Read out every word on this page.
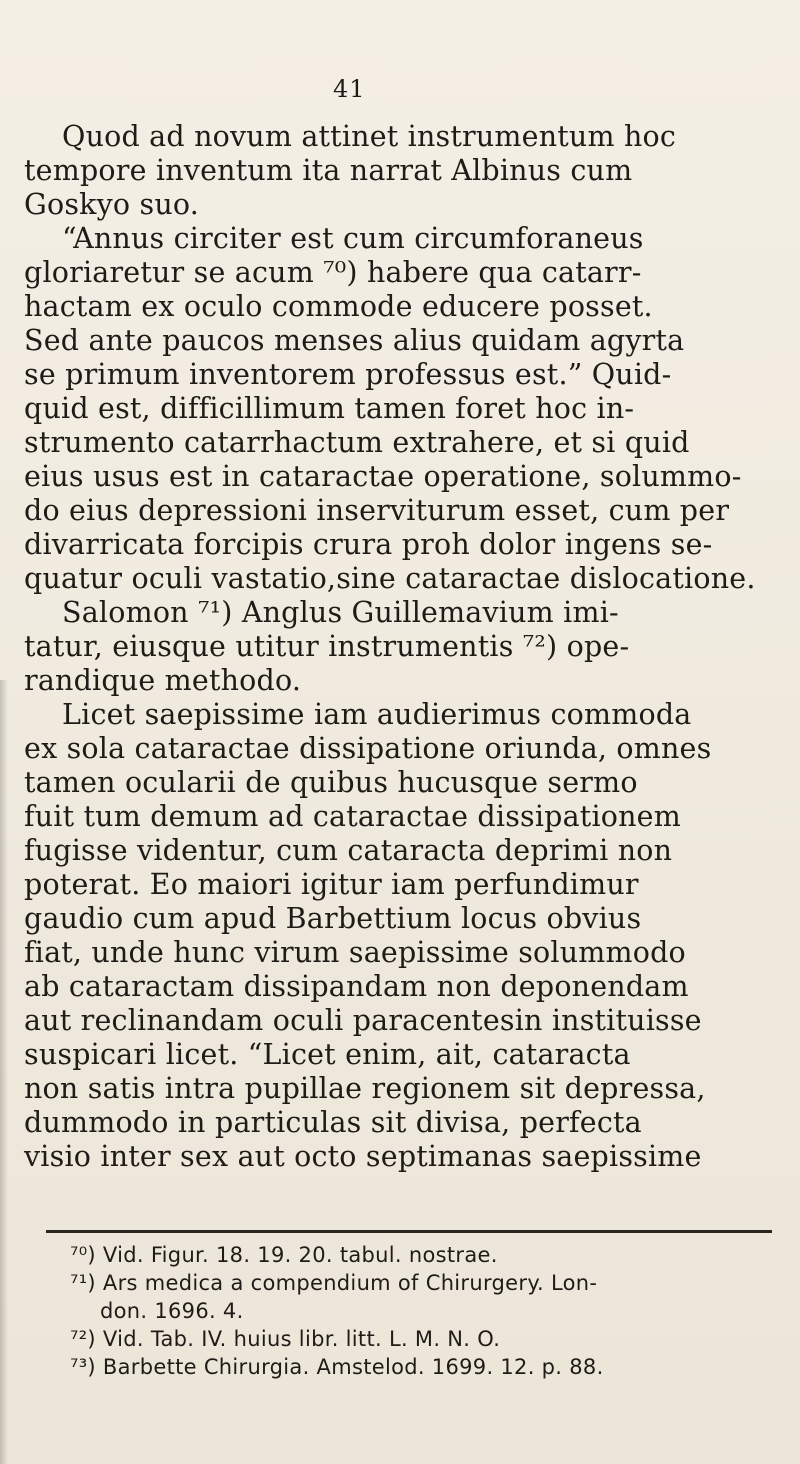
41
Quod ad novum attinet instrumentum hoc
tempore inventum ita narrat Albinus cum
Goskyo suo.
“Annus circiter est cum circumforaneus
gloriaretur se acum ⁷⁰) habere qua catarr-
hactam ex oculo commode educere posset.
Sed ante paucos menses alius quidam agyrta
se primum inventorem professus est.” Quid-
quid est, difficillimum tamen foret hoc in-
strumento catarrhactum extrahere, et si quid
eius usus est in cataractae operatione, solummo-
do eius depressioni inserviturum esset, cum per
divarricata forcipis crura proh dolor ingens se-
quatur oculi vastatio,sine cataractae dislocatione.
Salomon ⁷¹) Anglus Guillemavium imi-
tatur, eiusque utitur instrumentis ⁷²) ope-
randique methodo.
Licet saepissime iam audierimus commoda
ex sola cataractae dissipatione oriunda, omnes
tamen ocularii de quibus hucusque sermo
fuit tum demum ad cataractae dissipationem
fugisse videntur, cum cataracta deprimi non
poterat. Eo maiori igitur iam perfundimur
gaudio cum apud Barbettium locus obvius
fiat, unde hunc virum saepissime solummodo
ab cataractam dissipandam non deponendam
aut reclinandam oculi paracentesin instituisse
suspicari licet. “Licet enim, ait, cataracta
non satis intra pupillae regionem sit depressa,
dummodo in particulas sit divisa, perfecta
visio inter sex aut octo septimanas saepissime
⁷⁰) Vid. Figur. 18. 19. 20. tabul. nostrae.
⁷¹) Ars medica a compendium of Chirurgery. Lon-
don. 1696. 4.
⁷²) Vid. Tab. IV. huius libr. litt. L. M. N. O.
⁷³) Barbette Chirurgia. Amstelod. 1699. 12. p. 88.
